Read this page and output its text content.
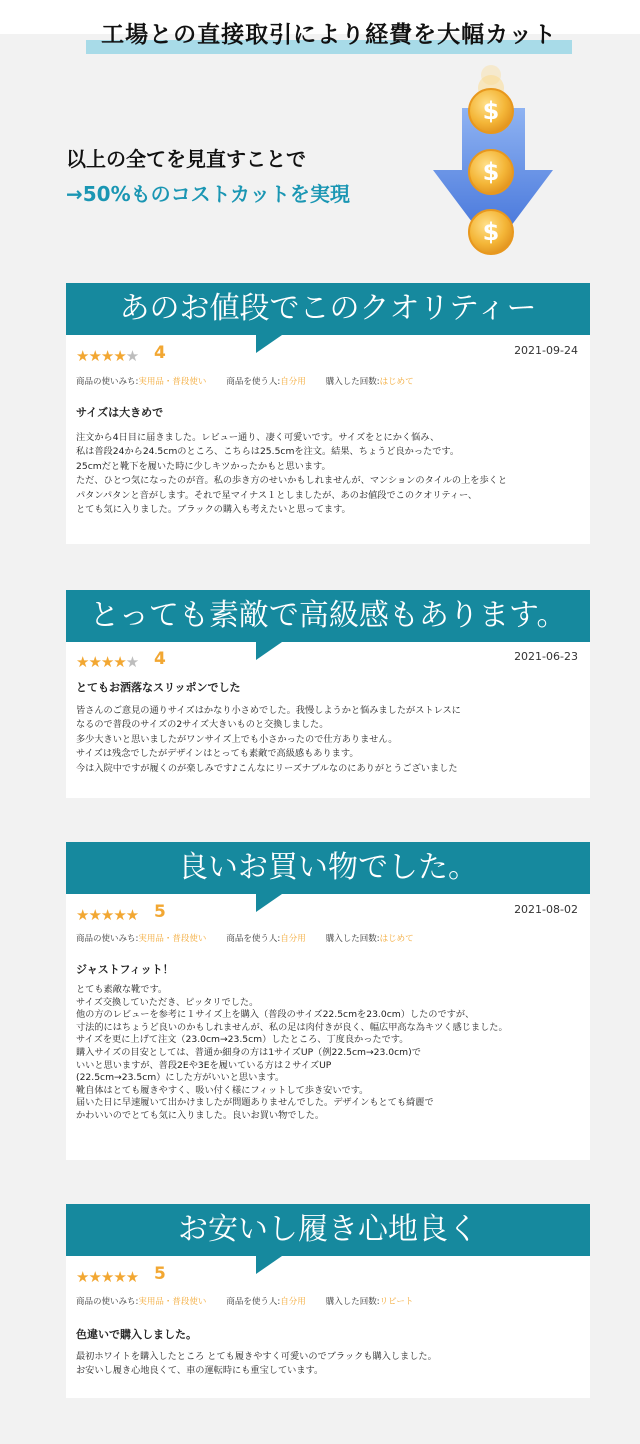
工場との直接取引により経費を大幅カット
以上の全てを見直すことで
→50%ものコストカットを実現
$
$
$
あのお値段でこのクオリティー
★★★★★ 4	2021-09-24
商品の使いみち:実用品・普段使い 商品を使う人:自分用 購入した回数:はじめて
サイズは大きめで
注文から4日目に届きました。レビュー通り、凄く可愛いです。サイズをとにかく悩み、
私は普段24から24.5cmのところ、こちらは25.5cmを注文。結果、ちょうど良かったです。
25cmだと靴下を履いた時に少しキツかったかもと思います。
ただ、ひとつ気になったのが音。私の歩き方のせいかもしれませんが、マンションのタイルの上を歩くと
パタンパタンと音がします。それで星マイナス１としましたが、あのお値段でこのクオリティー、
とても気に入りました。ブラックの購入も考えたいと思ってます。
とっても素敵で高級感もあります。
★★★★★ 4	2021-06-23
とてもお洒落なスリッポンでした
皆さんのご意見の通りサイズはかなり小さめでした。我慢しようかと悩みましたがストレスに
なるので普段のサイズの2サイズ大きいものと交換しました。
多少大きいと思いましたがワンサイズ上でも小さかったので仕方ありません。
サイズは残念でしたがデザインはとっても素敵で高級感もあります。
今は入院中ですが履くのが楽しみです♪こんなにリーズナブルなのにありがとうございました
良いお買い物でした。
★★★★★ 5	2021-08-02
商品の使いみち:実用品・普段使い 商品を使う人:自分用 購入した回数:はじめて
ジャストフィット！
とても素敵な靴です。
サイズ交換していただき、ピッタリでした。
他の方のレビューを参考に１サイズ上を購入（普段のサイズ22.5cmを23.0cm）したのですが、
寸法的にはちょうど良いのかもしれませんが、私の足は肉付きが良く、幅広甲高な為キツく感じました。
サイズを更に上げて注文（23.0cm→23.5cm）したところ、丁度良かったです。
購入サイズの目安としては、普通か細身の方は1サイズUP（例22.5cm→23.0cm)で
いいと思いますが、普段2Eや3Eを履いている方は２サイズUP
(22.5cm→23.5cm）にした方がいいと思います。
靴自体はとても履きやすく、吸い付く様にフィットして歩き安いです。
届いた日に早速履いて出かけましたが問題ありませんでした。デザインもとても綺麗で
かわいいのでとても気に入りました。良いお買い物でした。
お安いし履き心地良く
★★★★★ 5
商品の使いみち:実用品・普段使い 商品を使う人:自分用 購入した回数:リピート
色違いで購入しました。
最初ホワイトを購入したところ とても履きやすく可愛いのでブラックも購入しました。
お安いし履き心地良くて、車の運転時にも重宝しています。
